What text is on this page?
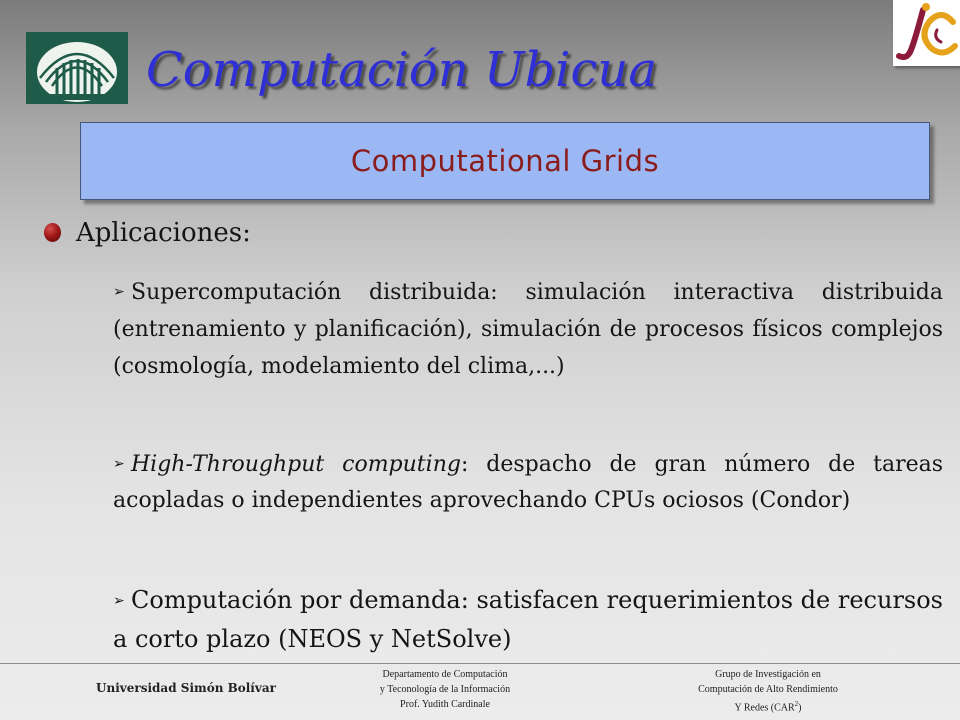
Computación Ubicua
Computational Grids
Aplicaciones:
➢ Supercomputación distribuida: simulación interactiva distribuida (entrenamiento y planificación), simulación de procesos físicos complejos (cosmología, modelamiento del clima,...)
➢ High-Throughput computing: despacho de gran número de tareas acopladas o independientes aprovechando CPUs ociosos (Condor)
➢ Computación por demanda: satisfacen requerimientos de recursos a corto plazo (NEOS y NetSolve)
Universidad Simón Bolívar
Departamento de Computación
y Teconología de la Información
Prof. Yudith Cardinale
Grupo de Investigación en
Computación de Alto Rendimiento
Y Redes (CAR$^2$)
